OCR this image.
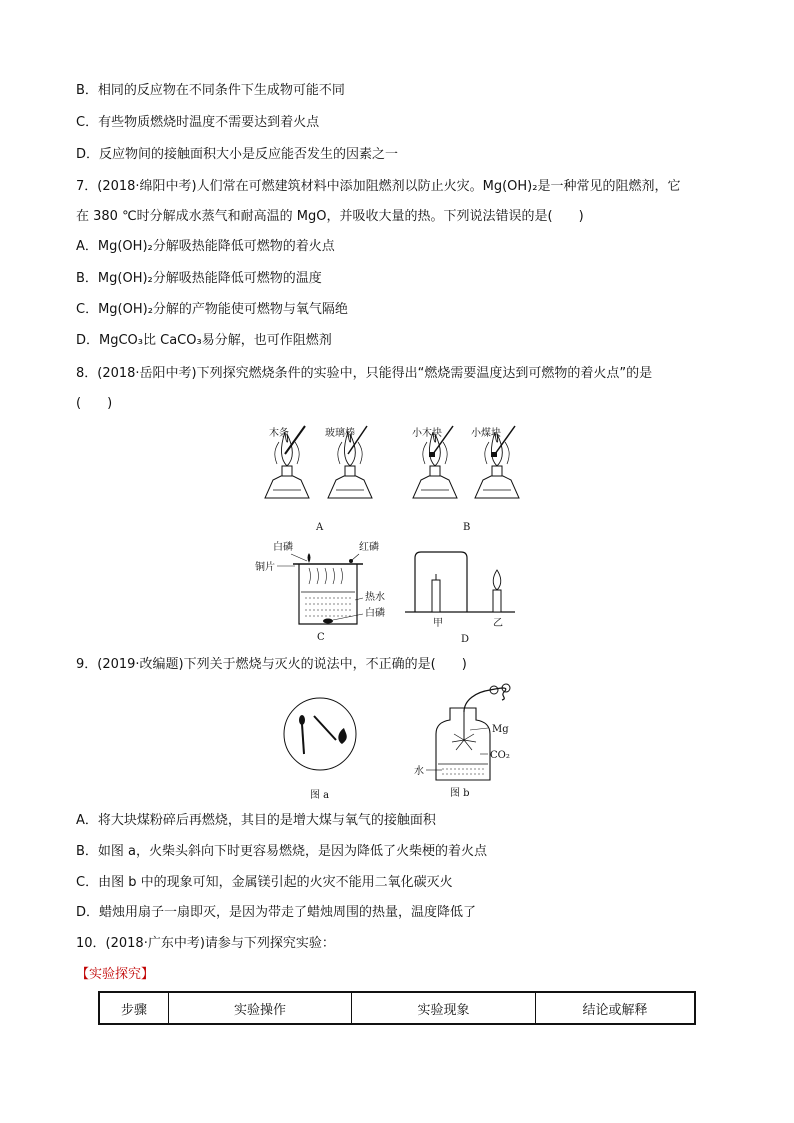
B．相同的反应物在不同条件下生成物可能不同
C．有些物质燃烧时温度不需要达到着火点
D．反应物间的接触面积大小是反应能否发生的因素之一
7．(2018·绵阳中考)人们常在可燃建筑材料中添加阻燃剂以防止火灾。Mg(OH)₂是一种常见的阻燃剂，它
在 380 ℃时分解成水蒸气和耐高温的 MgO，并吸收大量的热。下列说法错误的是(　　)
A．Mg(OH)₂分解吸热能降低可燃物的着火点
B．Mg(OH)₂分解吸热能降低可燃物的温度
C．Mg(OH)₂分解的产物能使可燃物与氧气隔绝
D．MgCO₃比 CaCO₃易分解，也可作阻燃剂
8．(2018·岳阳中考)下列探究燃烧条件的实验中，只能得出“燃烧需要温度达到可燃物的着火点”的是
(　　)
木条	玻璃棒
A
小木块	小煤块
B
白磷	红磷
铜片
热水
白磷
C
甲	乙
D
9．(2019·改编题)下列关于燃烧与灭火的说法中，不正确的是(　　)
图 a
Mg
CO₂
水
图 b
A．将大块煤粉碎后再燃烧，其目的是增大煤与氧气的接触面积
B．如图 a，火柴头斜向下时更容易燃烧，是因为降低了火柴梗的着火点
C．由图 b 中的现象可知，金属镁引起的火灾不能用二氧化碳灭火
D．蜡烛用扇子一扇即灭，是因为带走了蜡烛周围的热量，温度降低了
10．(2018·广东中考)请参与下列探究实验：
【实验探究】
步骤	实验操作	实验现象	结论或解释
